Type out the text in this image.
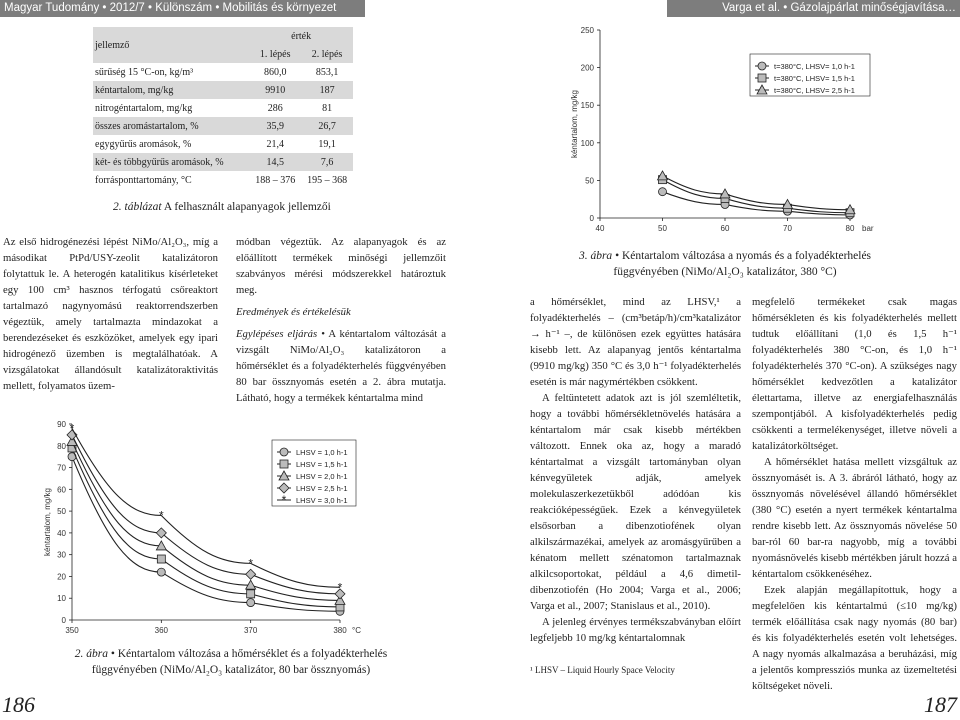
Magyar Tudomány • 2012/7 • Különszám • Mobilitás és környezet	Varga et al. • Gázolajpárlat minőségjavítása…
jellemző	érték	
	1. lépés	2. lépés
sűrűség 15 °C-on, kg/m³	860,0	853,1
kéntartalom, mg/kg	9910	187
nitrogéntartalom, mg/kg	286	81
összes aromástartalom, %	35,9	26,7
egygyűrűs aromások, %	21,4	19,1
két- és többgyűrűs aromások, %	14,5	7,6
forrásponttartomány, °C	188 – 376	195 – 368
2. táblázat A felhasznált alapanyagok jellemzői

Az első hidrogénezési lépést NiMo/Al₂O₃, míg a másodikat PtPd/USY-zeolit katalizátoron folytattuk le. A heterogén katalitikus kísérleteket egy 100 cm³ hasznos térfogatú csőreaktort tartalmazó nagynyomású reaktorrendszerben végeztük, amely tartalmazta mindazokat a berendezéseket és eszközöket, amelyek egy ipari hidrogénező üzemben is megtalálhatóak. A vizsgálatokat állandósult katalizátoraktivitás mellett, folyamatos üzem-

módban végeztük. Az alapanyagok és az előállított termékek minőségi jellemzőit szabványos mérési módszerekkel határoztuk meg.

Eredmények és értékelésük

Egylépéses eljárás • A kéntartalom változását a vizsgált NiMo/Al₂O₃ katalizátoron a hőmérséklet és a folyadékterhelés függvényében 80 bar össznyomás esetén a 2. ábra mutatja. Látható, hogy a termékek kéntartalma mind

0
10
20
30
40
50
60
70
80
90
350	360	370	380 °C
kéntartalom, mg/kg
*
*
*
*
LHSV = 1,0 h-1
LHSV = 1,5 h-1
LHSV = 2,0 h-1
LHSV = 2,5 h-1
* LHSV = 3,0 h-1
2. ábra • Kéntartalom változása a hőmérséklet és a folyadékterhelés függvényében (NiMo/Al₂O₃ katalizátor, 80 bar össznyomás)
0
50
100
150
200
250
40	50	60	70	80 bar
kéntartalom, mg/kg
t=380°C, LHSV= 1,0 h-1
t=380°C, LHSV= 1,5 h-1
t=380°C, LHSV= 2,5 h-1
3. ábra • Kéntartalom változása a nyomás és a folyadékterhelés függvényében (NiMo/Al₂O₃ katalizátor, 380 °C)

a hőmérséklet, mind az LHSV,¹ a folyadékterhelés – (cm³betáp/h)/cm³katalizátor → h⁻¹ –, de különösen ezek együttes hatására kisebb lett. Az alapanyag jentős kéntartalma (9910 mg/kg) 350 °C és 3,0 h⁻¹ folyadékterhelés esetén is már nagymértékben csökkent.

A feltüntetett adatok azt is jól szemléltetik, hogy a további hőmérsékletnövelés hatására a kéntartalom már csak kisebb mértékben változott. Ennek oka az, hogy a maradó kéntartalmat a vizsgált tartományban olyan kénvegyületek adják, amelyek molekulaszerkezetükből adódóan kis reakcióképességűek. Ezek a kénvegyületek elsősorban a dibenzotiofének olyan alkilszármazékai, amelyek az aromásgyűrűben a kénatom mellett szénatomon tartalmaznak alkilcsoportokat, például a 4,6 dimetil-dibenzotiofén (Ho 2004; Varga et al., 2006; Varga et al., 2007; Stanislaus et al., 2010).

A jelenleg érvényes termékszabványban előírt legfeljebb 10 mg/kg kéntartalomnak

¹ LHSV – Liquid Hourly Space Velocity

megfelelő termékeket csak magas hőmérsékleten és kis folyadékterhelés mellett tudtuk előállítani (1,0 és 1,5 h⁻¹ folyadékterhelés 380 °C-on, és 1,0 h⁻¹ folyadékterhelés 370 °C-on). A szükséges nagy hőmérséklet kedvezőtlen a katalizátor élettartama, illetve az energiafelhasználás szempontjából. A kisfolyadékterhelés pedig csökkenti a termelékenységet, illetve növeli a katalizátorköltséget.

A hőmérséklet hatása mellett vizsgáltuk az össznyomásét is. A 3. ábráról látható, hogy az össznyomás növelésével állandó hőmérséklet (380 °C) esetén a nyert termékek kéntartalma rendre kisebb lett. Az össznyomás növelése 50 bar-ról 60 bar-ra nagyobb, míg a további nyomásnövelés kisebb mértékben járult hozzá a kéntartalom csökkenéséhez.

Ezek alapján megállapítottuk, hogy a megfelelően kis kéntartalmú (≤10 mg/kg) termék előállítása csak nagy nyomás (80 bar) és kis folyadékterhelés esetén volt lehetséges. A nagy nyomás alkalmazása a beruházási, míg a jelentős kompressziós munka az üzemeltetési költségeket növeli.

186	187
